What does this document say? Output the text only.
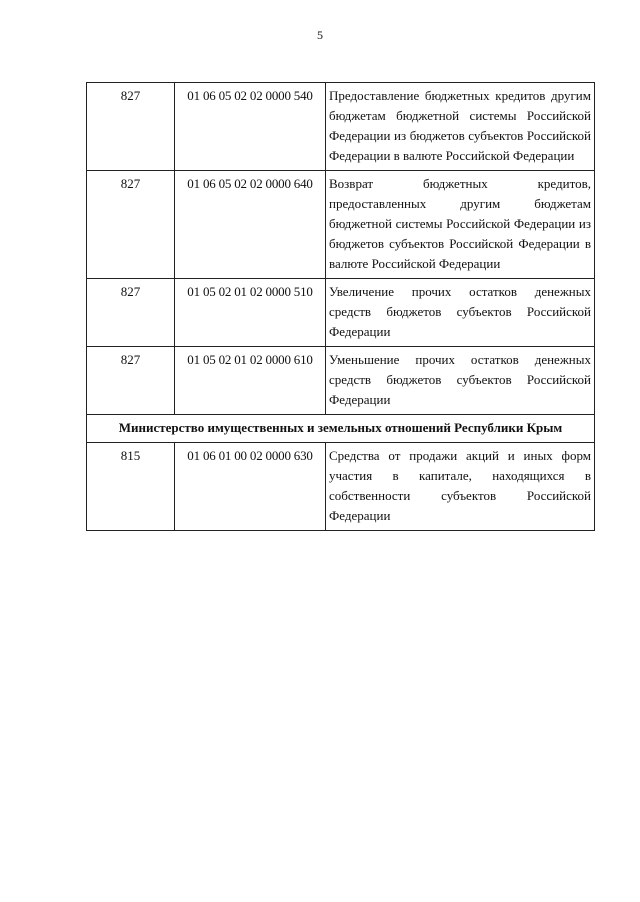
5
827	01 06 05 02 02 0000 540	Предоставление бюджетных кредитов другим бюджетам бюджетной системы Российской Федерации из бюджетов субъектов Российской Федерации в валюте Российской Федерации
827	01 06 05 02 02 0000 640	Возврат бюджетных кредитов, предоставленных другим бюджетам бюджетной системы Российской Федерации из бюджетов субъектов Российской Федерации в валюте Российской Федерации
827	01 05 02 01 02 0000 510	Увеличение прочих остатков денежных средств бюджетов субъектов Российской Федерации
827	01 05 02 01 02 0000 610	Уменьшение прочих остатков денежных средств бюджетов субъектов Российской Федерации
Министерство имущественных и земельных отношений Республики Крым		
815	01 06 01 00 02 0000 630	Средства от продажи акций и иных форм участия в капитале, находящихся в собственности субъектов Российской Федерации
